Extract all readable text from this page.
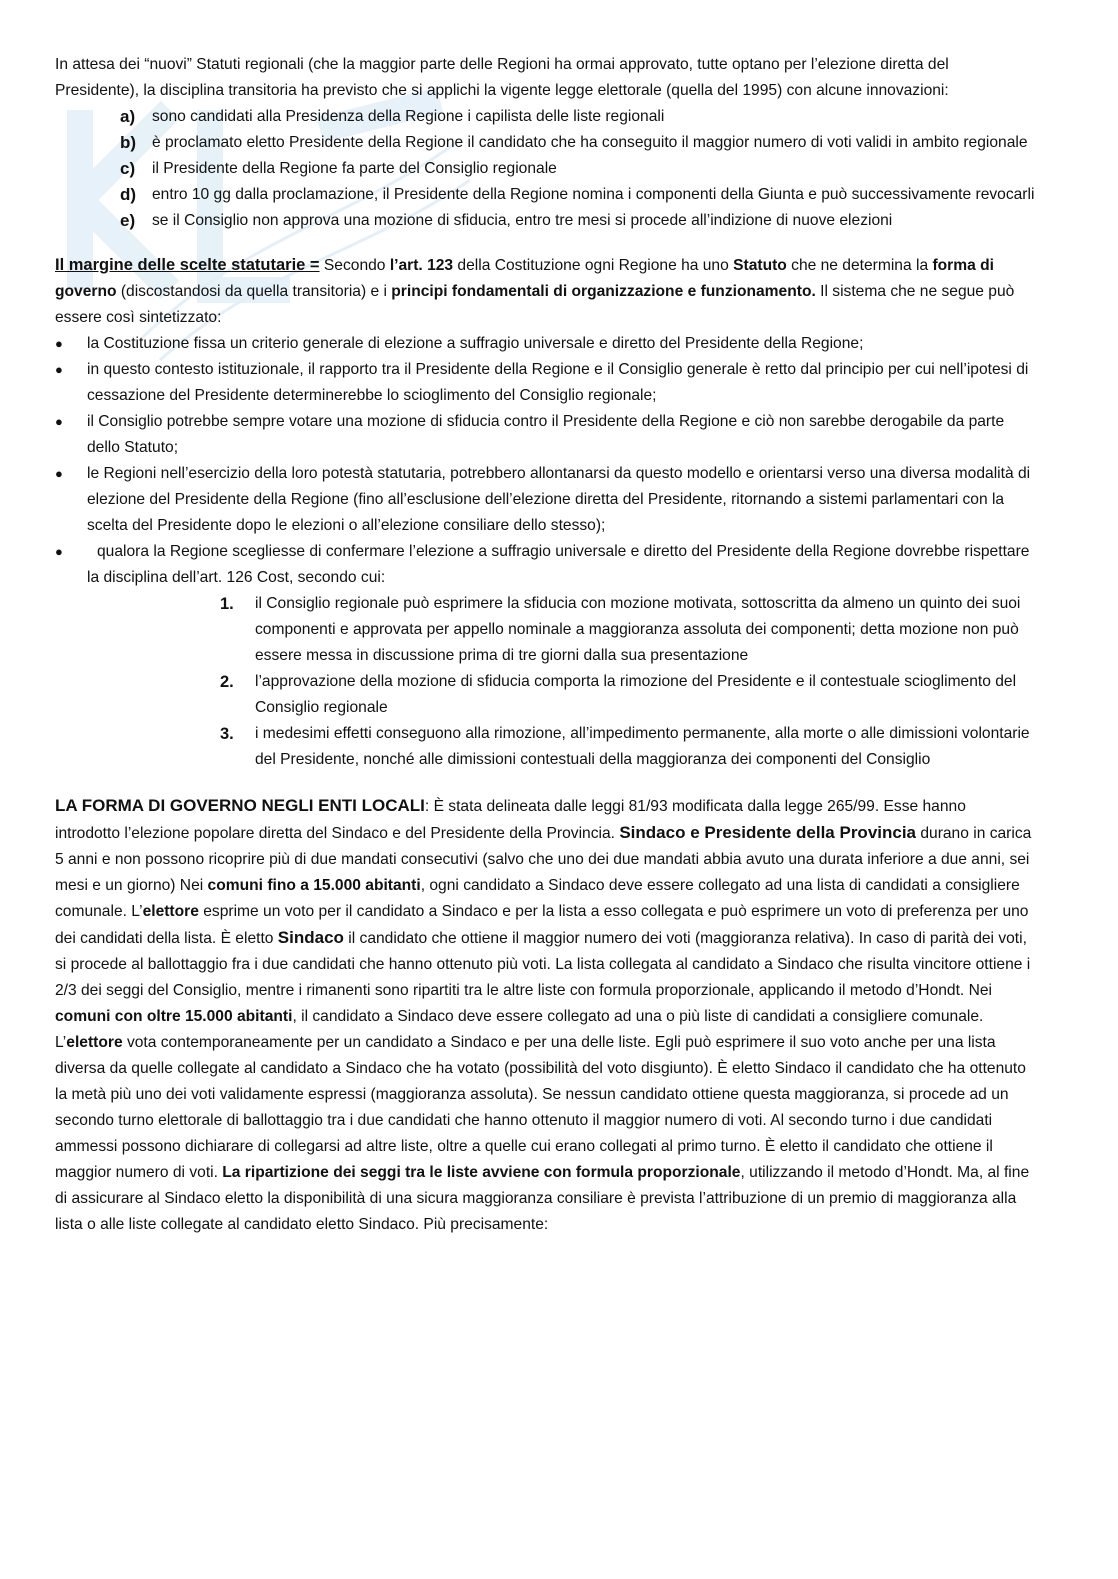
In attesa dei “nuovi” Statuti regionali (che la maggior parte delle Regioni ha ormai approvato, tutte optano per l’elezione diretta del Presidente), la disciplina transitoria ha previsto che si applichi la vigente legge elettorale (quella del 1995) con alcune innovazioni:

a) sono candidati alla Presidenza della Regione i capilista delle liste regionali
b) è proclamato eletto Presidente della Regione il candidato che ha conseguito il maggior numero di voti validi in ambito regionale
c) il Presidente della Regione fa parte del Consiglio regionale
d) entro 10 gg dalla proclamazione, il Presidente della Regione nomina i componenti della Giunta e può successivamente revocarli
e) se il Consiglio non approva una mozione di sfiducia, entro tre mesi si procede all’indizione di nuove elezioni

Il margine delle scelte statutarie = Secondo l’art. 123 della Costituzione ogni Regione ha uno Statuto che ne determina la forma di governo (discostandosi da quella transitoria) e i principi fondamentali di organizzazione e funzionamento. Il sistema che ne segue può essere così sintetizzato:

●
la Costituzione fissa un criterio generale di elezione a suffragio universale e diretto del Presidente della Regione;
●
in questo contesto istituzionale, il rapporto tra il Presidente della Regione e il Consiglio generale è retto dal principio per cui nell’ipotesi di cessazione del Presidente determinerebbe lo scioglimento del Consiglio regionale;
●
il Consiglio potrebbe sempre votare una mozione di sfiducia contro il Presidente della Regione e ciò non sarebbe derogabile da parte dello Statuto;
●
le Regioni nell’esercizio della loro potestà statutaria, potrebbero allontanarsi da questo modello e orientarsi verso una diversa modalità di elezione del Presidente della Regione (fino all’esclusione dell’elezione diretta del Presidente, ritornando a sistemi parlamentari con la scelta del Presidente dopo le elezioni o all’elezione consiliare dello stesso);
●
qualora la Regione scegliesse di confermare l’elezione a suffragio universale e diretto del Presidente della Regione dovrebbe rispettare la disciplina dell’art. 126 Cost, secondo cui:
1. il Consiglio regionale può esprimere la sfiducia con mozione motivata, sottoscritta da almeno un quinto dei suoi componenti e approvata per appello nominale a maggioranza assoluta dei componenti; detta mozione non può essere messa in discussione prima di tre giorni dalla sua presentazione
2. l’approvazione della mozione di sfiducia comporta la rimozione del Presidente e il contestuale scioglimento del Consiglio regionale
3. i medesimi effetti conseguono alla rimozione, all’impedimento permanente, alla morte o alle dimissioni volontarie del Presidente, nonché alle dimissioni contestuali della maggioranza dei componenti del Consiglio

LA FORMA DI GOVERNO NEGLI ENTI LOCALI: È stata delineata dalle leggi 81/93 modificata dalla legge 265/99. Esse hanno introdotto l’elezione popolare diretta del Sindaco e del Presidente della Provincia. Sindaco e Presidente della Provincia durano in carica 5 anni e non possono ricoprire più di due mandati consecutivi (salvo che uno dei due mandati abbia avuto una durata inferiore a due anni, sei mesi e un giorno) Nei comuni fino a 15.000 abitanti, ogni candidato a Sindaco deve essere collegato ad una lista di candidati a consigliere comunale. L’elettore esprime un voto per il candidato a Sindaco e per la lista a esso collegata e può esprimere un voto di preferenza per uno dei candidati della lista. È eletto Sindaco il candidato che ottiene il maggior numero dei voti (maggioranza relativa). In caso di parità dei voti, si procede al ballottaggio fra i due candidati che hanno ottenuto più voti. La lista collegata al candidato a Sindaco che risulta vincitore ottiene i 2/3 dei seggi del Consiglio, mentre i rimanenti sono ripartiti tra le altre liste con formula proporzionale, applicando il metodo d’Hondt. Nei comuni con oltre 15.000 abitanti, il candidato a Sindaco deve essere collegato ad una o più liste di candidati a consigliere comunale.

L’elettore vota contemporaneamente per un candidato a Sindaco e per una delle liste. Egli può esprimere il suo voto anche per una lista diversa da quelle collegate al candidato a Sindaco che ha votato (possibilità del voto disgiunto). È eletto Sindaco il candidato che ha ottenuto la metà più uno dei voti validamente espressi (maggioranza assoluta). Se nessun candidato ottiene questa maggioranza, si procede ad un secondo turno elettorale di ballottaggio tra i due candidati che hanno ottenuto il maggior numero di voti. Al secondo turno i due candidati ammessi possono dichiarare di collegarsi ad altre liste, oltre a quelle cui erano collegati al primo turno. È eletto il candidato che ottiene il maggior numero di voti. La ripartizione dei seggi tra le liste avviene con formula proporzionale, utilizzando il metodo d’Hondt. Ma, al fine di assicurare al Sindaco eletto la disponibilità di una sicura maggioranza consiliare è prevista l’attribuzione di un premio di maggioranza alla lista o alle liste collegate al candidato eletto Sindaco. Più precisamente:
